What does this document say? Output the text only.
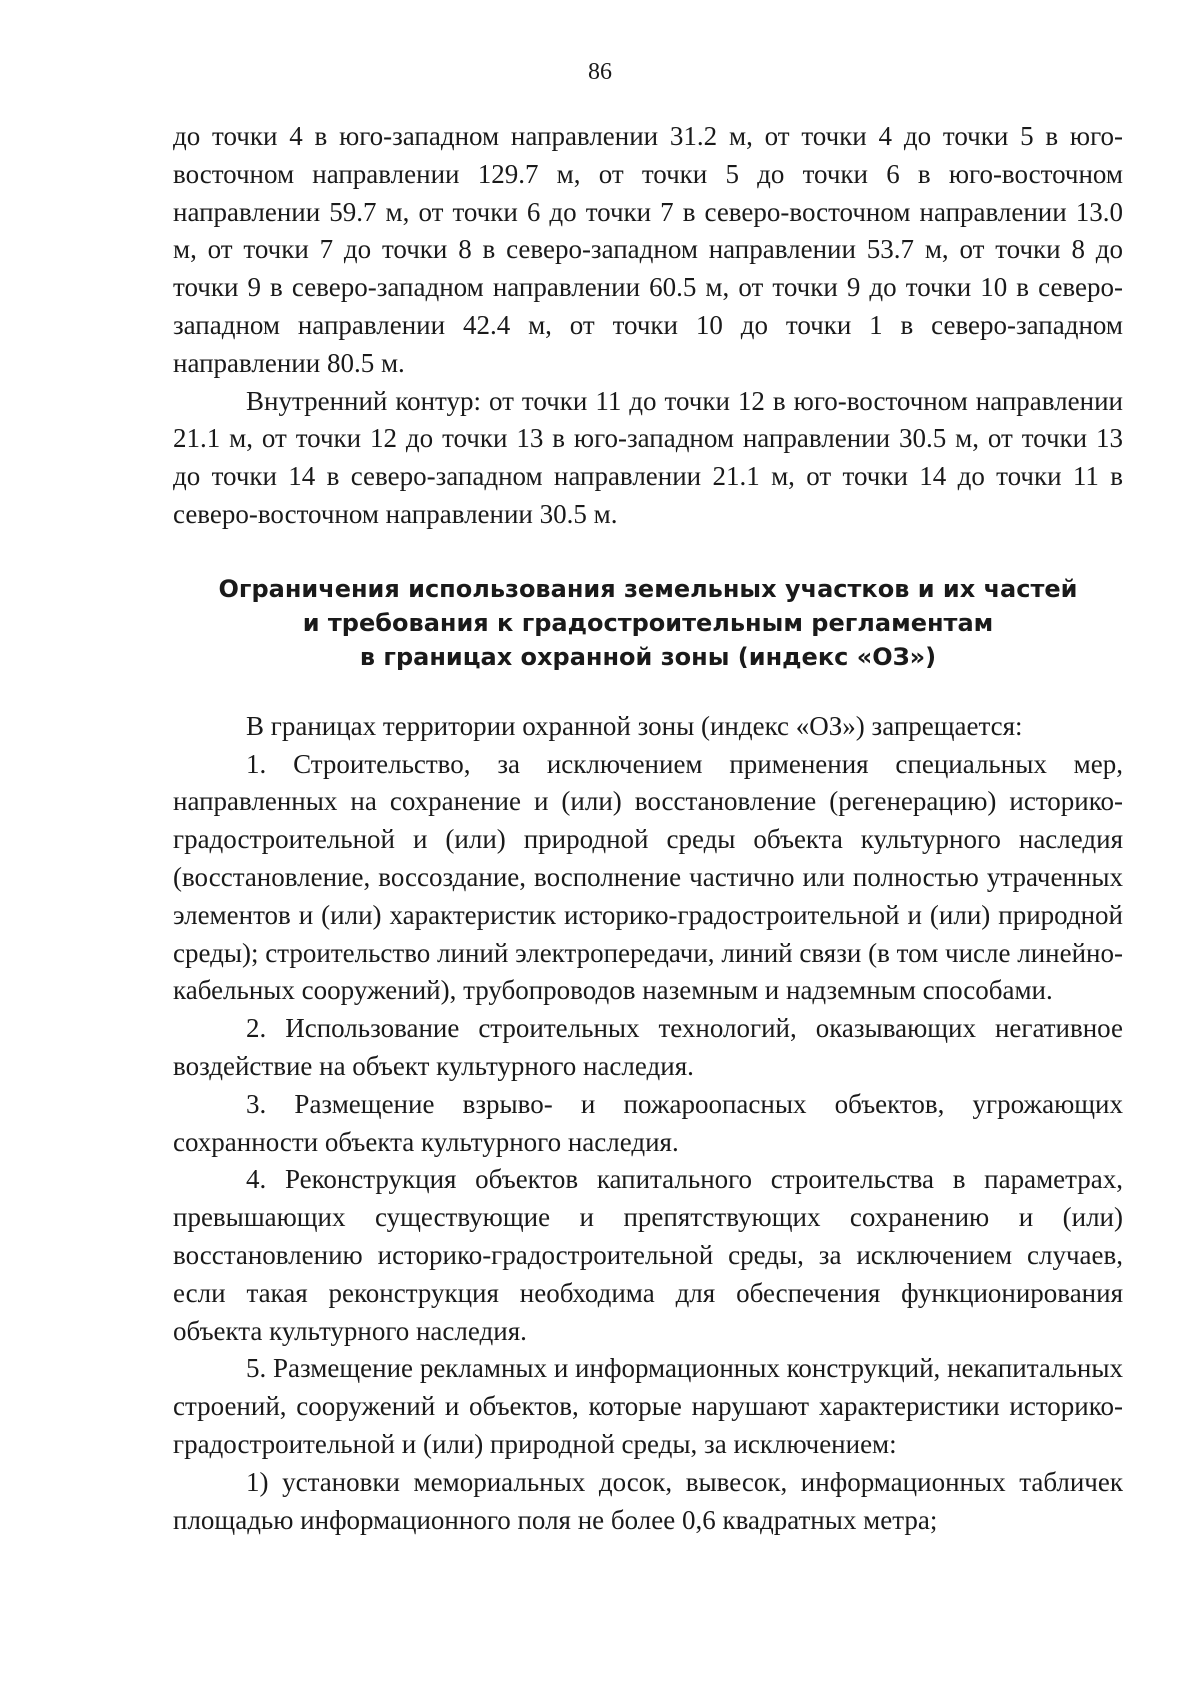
86

до точки 4 в юго-западном направлении 31.2 м, от точки 4 до точки 5 в юго-восточном направлении 129.7 м, от точки 5 до точки 6 в юго-восточном направлении 59.7 м, от точки 6 до точки 7 в северо-восточном направлении 13.0 м, от точки 7 до точки 8 в северо-западном направлении 53.7 м, от точки 8 до точки 9 в северо-западном направлении 60.5 м, от точки 9 до точки 10 в северо-западном направлении 42.4 м, от точки 10 до точки 1 в северо-западном направлении 80.5 м.

Внутренний контур: от точки 11 до точки 12 в юго-восточном направлении 21.1 м, от точки 12 до точки 13 в юго-западном направлении 30.5 м, от точки 13 до точки 14 в северо-западном направлении 21.1 м, от точки 14 до точки 11 в северо-восточном направлении 30.5 м.

Ограничения использования земельных участков и их частей
и требования к градостроительным регламентам
в границах охранной зоны (индекс «ОЗ»)

В границах территории охранной зоны (индекс «ОЗ») запрещается:

1. Строительство, за исключением применения специальных мер, направленных на сохранение и (или) восстановление (регенерацию) историко-градостроительной и (или) природной среды объекта культурного наследия (восстановление, воссоздание, восполнение частично или полностью утраченных элементов и (или) характеристик историко-градостроительной и (или) природной среды); строительство линий электропередачи, линий связи (в том числе линейно-кабельных сооружений), трубопроводов наземным и надземным способами.

2. Использование строительных технологий, оказывающих негативное воздействие на объект культурного наследия.

3. Размещение взрыво- и пожароопасных объектов, угрожающих сохранности объекта культурного наследия.

4. Реконструкция объектов капитального строительства в параметрах, превышающих существующие и препятствующих сохранению и (или) восстановлению историко-градостроительной среды, за исключением случаев, если такая реконструкция необходима для обеспечения функционирования объекта культурного наследия.

5. Размещение рекламных и информационных конструкций, некапитальных строений, сооружений и объектов, которые нарушают характеристики историко-градостроительной и (или) природной среды, за исключением:

1) установки мемориальных досок, вывесок, информационных табличек площадью информационного поля не более 0,6 квадратных метра;
